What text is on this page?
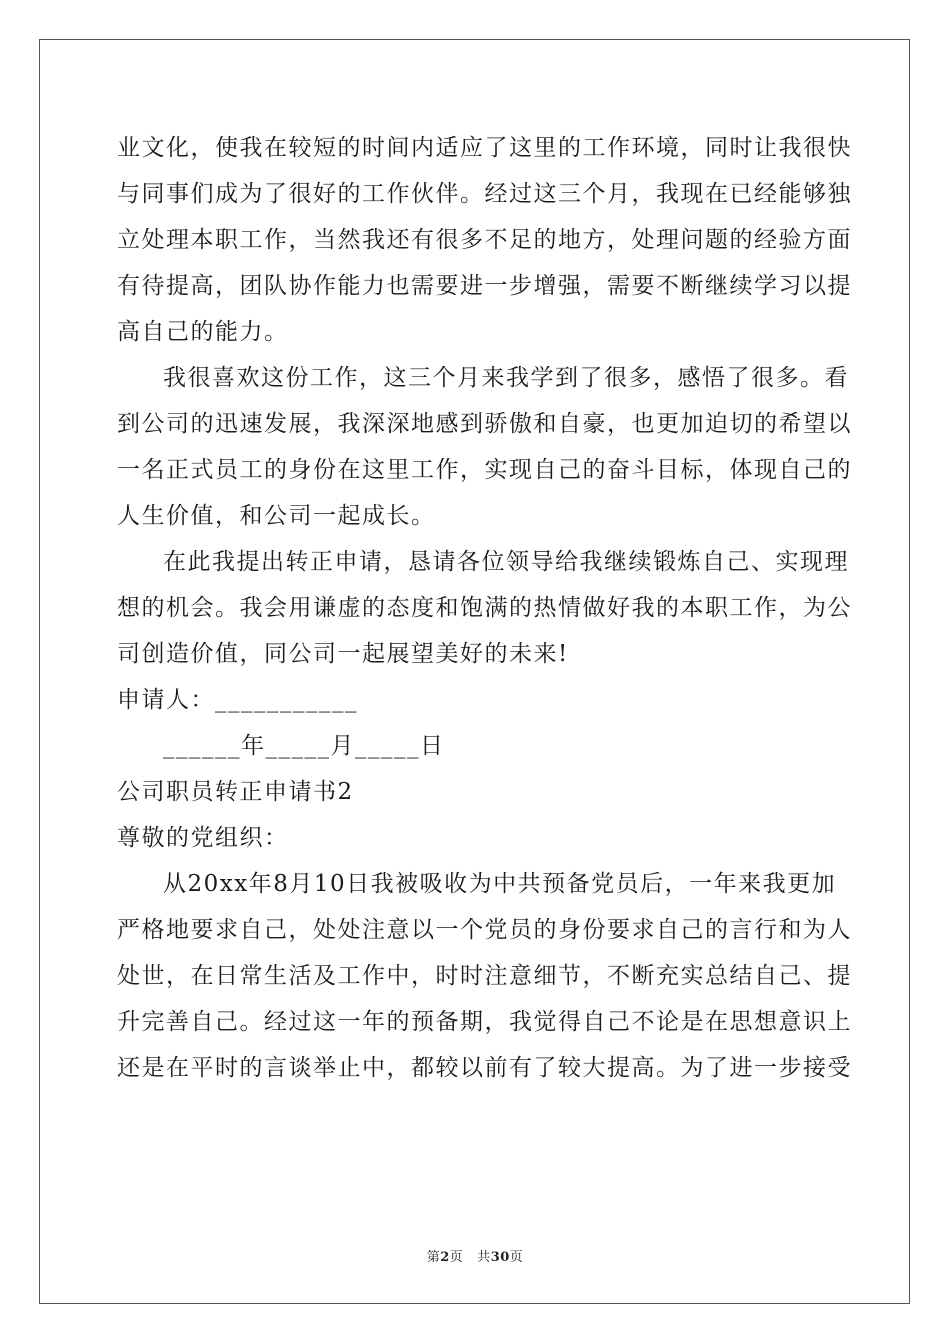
业文化，使我在较短的时间内适应了这里的工作环境，同时让我很快
与同事们成为了很好的工作伙伴。经过这三个月，我现在已经能够独
立处理本职工作，当然我还有很多不足的地方，处理问题的经验方面
有待提高，团队协作能力也需要进一步增强，需要不断继续学习以提
高自己的能力。
我很喜欢这份工作，这三个月来我学到了很多，感悟了很多。看
到公司的迅速发展，我深深地感到骄傲和自豪，也更加迫切的希望以
一名正式员工的身份在这里工作，实现自己的奋斗目标，体现自己的
人生价值，和公司一起成长。
在此我提出转正申请，恳请各位领导给我继续锻炼自己、实现理
想的机会。我会用谦虚的态度和饱满的热情做好我的本职工作，为公
司创造价值，同公司一起展望美好的未来!
申请人：___________
______年_____月_____日
公司职员转正申请书2
尊敬的党组织：
从20xx年8月10日我被吸收为中共预备党员后，一年来我更加
严格地要求自己，处处注意以一个党员的身份要求自己的言行和为人
处世，在日常生活及工作中，时时注意细节，不断充实总结自己、提
升完善自己。经过这一年的预备期，我觉得自己不论是在思想意识上
还是在平时的言谈举止中，都较以前有了较大提高。为了进一步接受
第2页 共30页
